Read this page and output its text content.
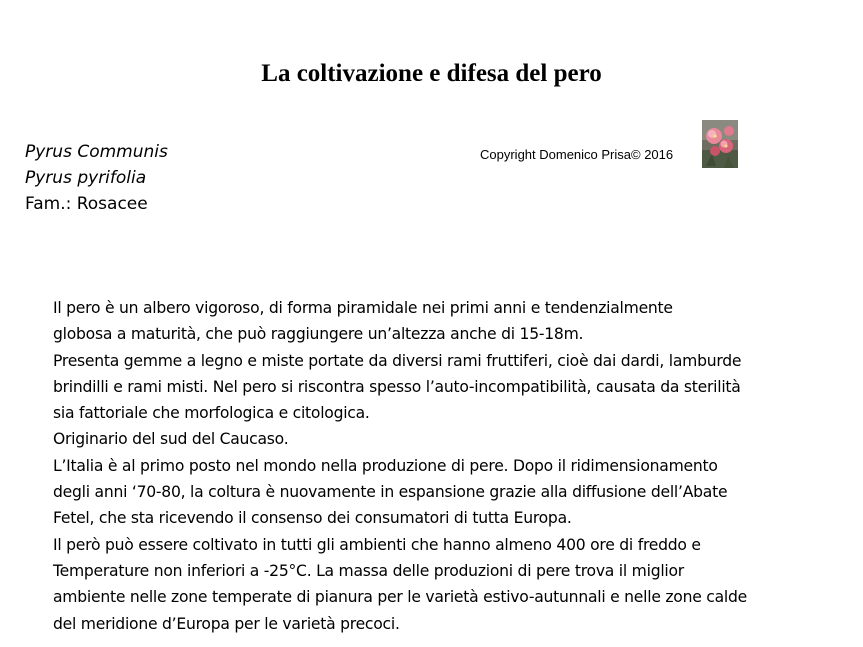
La coltivazione e difesa del pero
Pyrus Communis
Pyrus pyrifolia
Fam.: Rosacee
Copyright Domenico Prisa© 2016
Il pero è un albero vigoroso, di forma piramidale nei primi anni e tendenzialmente
globosa a maturità, che può raggiungere un’altezza anche di 15-18m.
Presenta gemme a legno e miste portate da diversi rami fruttiferi, cioè dai dardi, lamburde
brindilli e rami misti. Nel pero si riscontra spesso l’auto-incompatibilità, causata da sterilità
sia fattoriale che morfologica e citologica.
Originario del sud del Caucaso.
L’Italia è al primo posto nel mondo nella produzione di pere. Dopo il ridimensionamento
degli anni ‘70-80, la coltura è nuovamente in espansione grazie alla diffusione dell’Abate
Fetel, che sta ricevendo il consenso dei consumatori di tutta Europa.
Il però può essere coltivato in tutti gli ambienti che hanno almeno 400 ore di freddo e
Temperature non inferiori a -25°C. La massa delle produzioni di pere trova il miglior
ambiente nelle zone temperate di pianura per le varietà estivo-autunnali e nelle zone calde
del meridione d’Europa per le varietà precoci.
